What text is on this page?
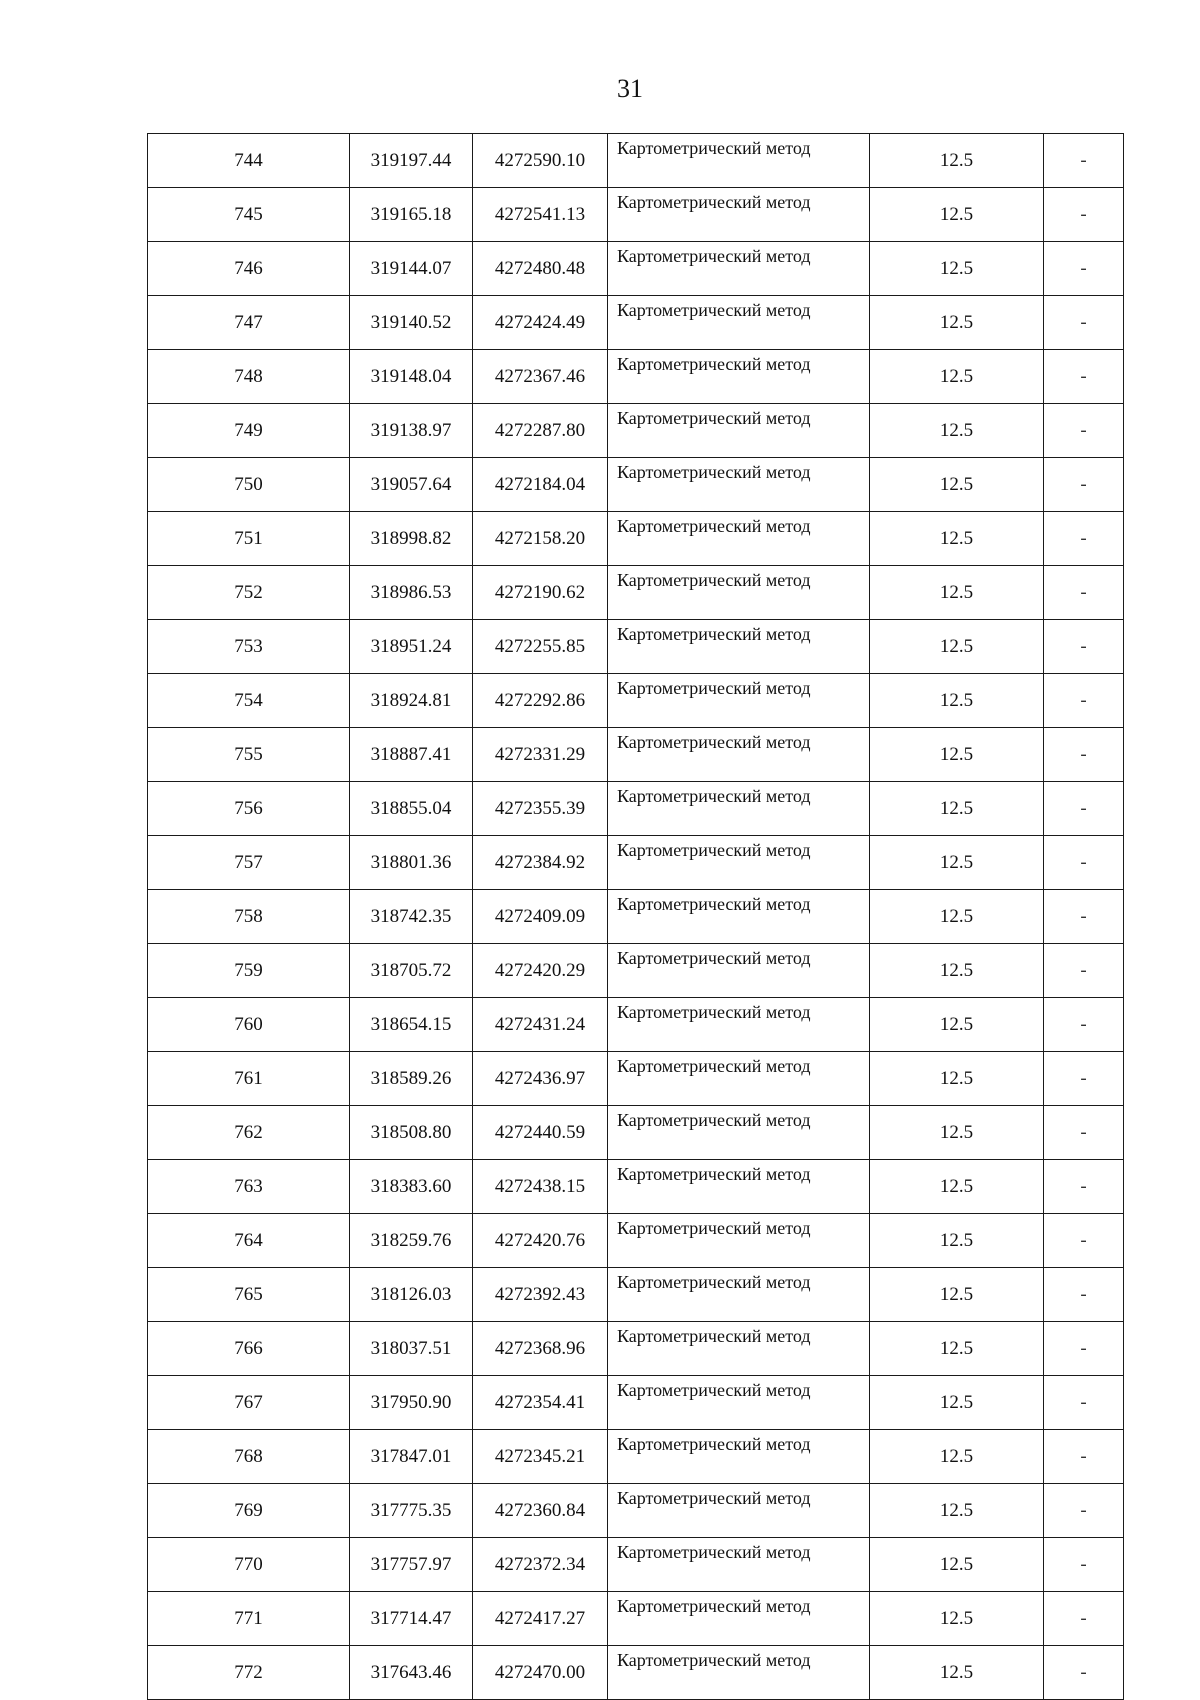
31
744	319197.44	4272590.10	Картометрический метод	12.5	-
745	319165.18	4272541.13	Картометрический метод	12.5	-
746	319144.07	4272480.48	Картометрический метод	12.5	-
747	319140.52	4272424.49	Картометрический метод	12.5	-
748	319148.04	4272367.46	Картометрический метод	12.5	-
749	319138.97	4272287.80	Картометрический метод	12.5	-
750	319057.64	4272184.04	Картометрический метод	12.5	-
751	318998.82	4272158.20	Картометрический метод	12.5	-
752	318986.53	4272190.62	Картометрический метод	12.5	-
753	318951.24	4272255.85	Картометрический метод	12.5	-
754	318924.81	4272292.86	Картометрический метод	12.5	-
755	318887.41	4272331.29	Картометрический метод	12.5	-
756	318855.04	4272355.39	Картометрический метод	12.5	-
757	318801.36	4272384.92	Картометрический метод	12.5	-
758	318742.35	4272409.09	Картометрический метод	12.5	-
759	318705.72	4272420.29	Картометрический метод	12.5	-
760	318654.15	4272431.24	Картометрический метод	12.5	-
761	318589.26	4272436.97	Картометрический метод	12.5	-
762	318508.80	4272440.59	Картометрический метод	12.5	-
763	318383.60	4272438.15	Картометрический метод	12.5	-
764	318259.76	4272420.76	Картометрический метод	12.5	-
765	318126.03	4272392.43	Картометрический метод	12.5	-
766	318037.51	4272368.96	Картометрический метод	12.5	-
767	317950.90	4272354.41	Картометрический метод	12.5	-
768	317847.01	4272345.21	Картометрический метод	12.5	-
769	317775.35	4272360.84	Картометрический метод	12.5	-
770	317757.97	4272372.34	Картометрический метод	12.5	-
771	317714.47	4272417.27	Картометрический метод	12.5	-
772	317643.46	4272470.00	Картометрический метод	12.5	-
